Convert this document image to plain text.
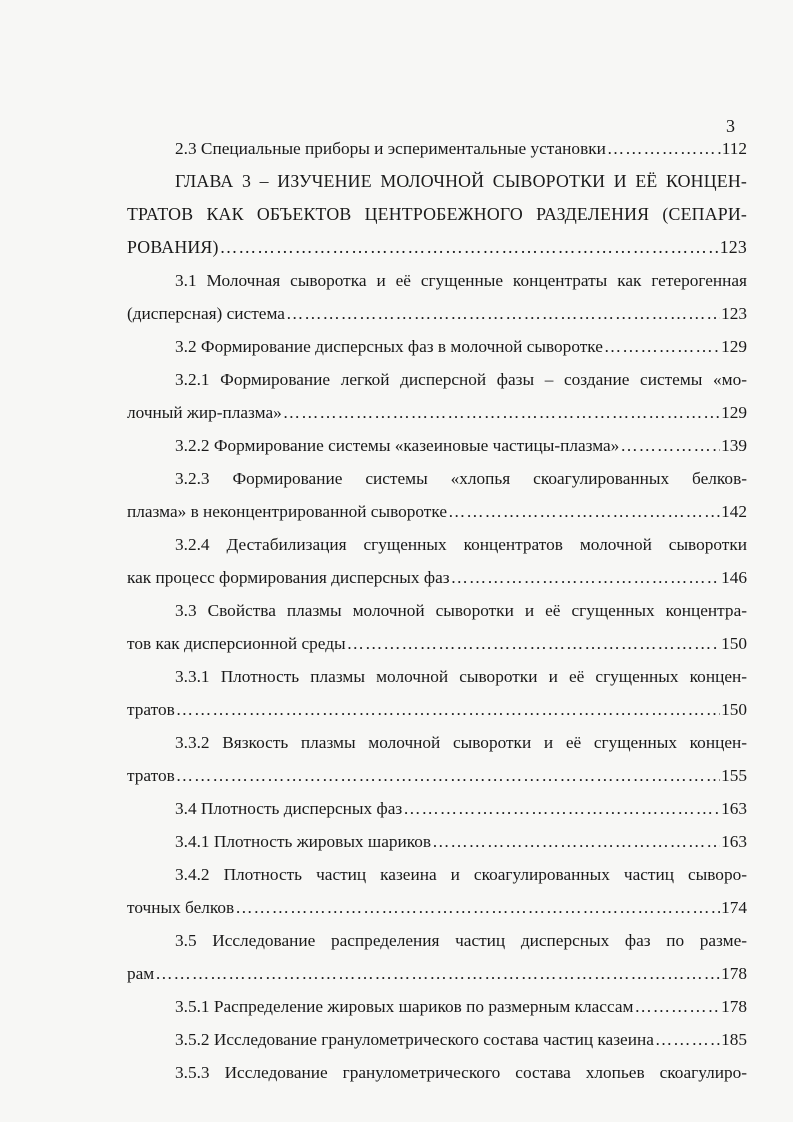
3
2.3 Специальные приборы и эспериментальные установки ……………………………………………………………………………………………………………………………………………………………………………………	112
ГЛАВА 3 – ИЗУЧЕНИЕ МОЛОЧНОЙ СЫВОРОТКИ И ЕЁ КОНЦЕН-
ТРАТОВ КАК ОБЪЕКТОВ ЦЕНТРОБЕЖНОГО РАЗДЕЛЕНИЯ (СЕПАРИ-
РОВАНИЯ) ……………………………………………………………………………………………………………………………………………………………………………………	123
3.1 Молочная сыворотка и её сгущенные концентраты как гетерогенная
(дисперсная) система ……………………………………………………………………………………………………………………………………………………………………………………	123
3.2 Формирование дисперсных фаз в молочной сыворотке ……………………………………………………………………………………………………………………………………………………………………………………	129
3.2.1 Формирование легкой дисперсной фазы – создание системы «мо-
лочный жир-плазма» ……………………………………………………………………………………………………………………………………………………………………………………	129
3.2.2 Формирование системы «казеиновые частицы-плазма» ……………………………………………………………………………………………………………………………………………………………………………………	139
3.2.3 Формирование системы «хлопья скоагулированных белков-
плазма» в неконцентрированной сыворотке ……………………………………………………………………………………………………………………………………………………………………………………	142
3.2.4 Дестабилизация сгущенных концентратов молочной сыворотки
как процесс формирования дисперсных фаз ……………………………………………………………………………………………………………………………………………………………………………………	146
3.3 Свойства плазмы молочной сыворотки и её сгущенных концентра-
тов как дисперсионной среды ……………………………………………………………………………………………………………………………………………………………………………………	150
3.3.1 Плотность плазмы молочной сыворотки и её сгущенных концен-
тратов ……………………………………………………………………………………………………………………………………………………………………………………	150
3.3.2 Вязкость плазмы молочной сыворотки и её сгущенных концен-
тратов ……………………………………………………………………………………………………………………………………………………………………………………	155
3.4 Плотность дисперсных фаз ……………………………………………………………………………………………………………………………………………………………………………………	163
3.4.1 Плотность жировых шариков ……………………………………………………………………………………………………………………………………………………………………………………	163
3.4.2 Плотность частиц казеина и скоагулированных частиц сыворо-
точных белков ……………………………………………………………………………………………………………………………………………………………………………………	174
3.5 Исследование распределения частиц дисперсных фаз по разме-
рам ……………………………………………………………………………………………………………………………………………………………………………………	178
3.5.1 Распределение жировых шариков по размерным классам ……………………………………………………………………………………………………………………………………………………………………………………	178
3.5.2 Исследование гранулометрического состава частиц казеина ……………………………………………………………………………………………………………………………………………………………………………………	185
3.5.3 Исследование гранулометрического состава хлопьев скоагулиро-
